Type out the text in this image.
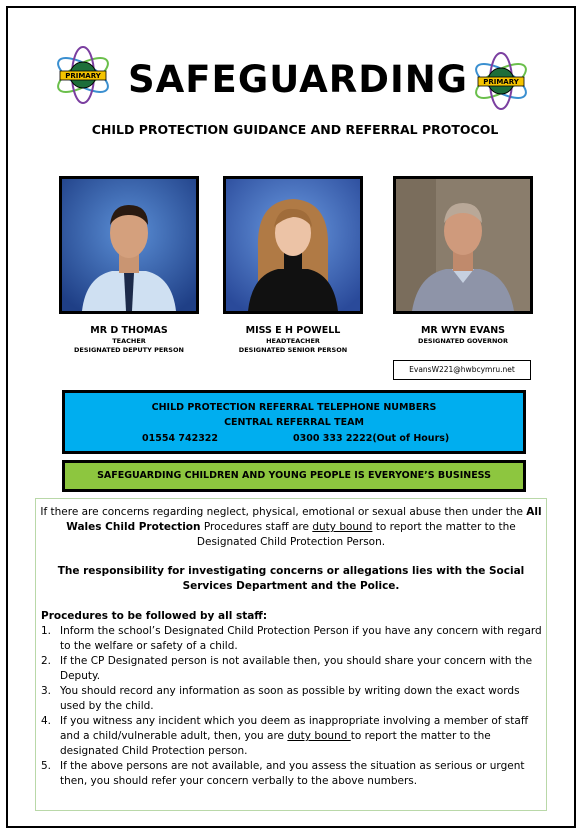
PRIMARY
PRIMARY
SAFEGUARDING
CHILD PROTECTION GUIDANCE AND REFERRAL PROTOCOL
MR D THOMAS
TEACHER
DESIGNATED DEPUTY PERSON
MISS E H POWELL
HEADTEACHER
DESIGNATED SENIOR PERSON
MR WYN EVANS
DESIGNATED GOVERNOR
EvansW221@hwbcymru.net
CHILD PROTECTION REFERRAL TELEPHONE NUMBERS
CENTRAL REFERRAL TEAM
01554 742322	0300 333 2222(Out of Hours)
SAFEGUARDING CHILDREN AND YOUNG PEOPLE IS EVERYONE’S BUSINESS
If there are concerns regarding neglect, physical, emotional or sexual abuse then under the All Wales Child Protection Procedures staff are duty bound to report the matter to the Designated Child Protection Person.
The responsibility for investigating concerns or allegations lies with the Social Services Department and the Police.
Procedures to be followed by all staff:
1. Inform the school’s Designated Child Protection Person if you have any concern with regard to the welfare or safety of a child.
2. If the CP Designated person is not available then, you should share your concern with the Deputy.
3. You should record any information as soon as possible by writing down the exact words used by the child.
4. If you witness any incident which you deem as inappropriate involving a member of staff and a child/vulnerable adult, then, you are duty bound to report the matter to the designated Child Protection person.
5. If the above persons are not available, and you assess the situation as serious or urgent then, you should refer your concern verbally to the above numbers.
